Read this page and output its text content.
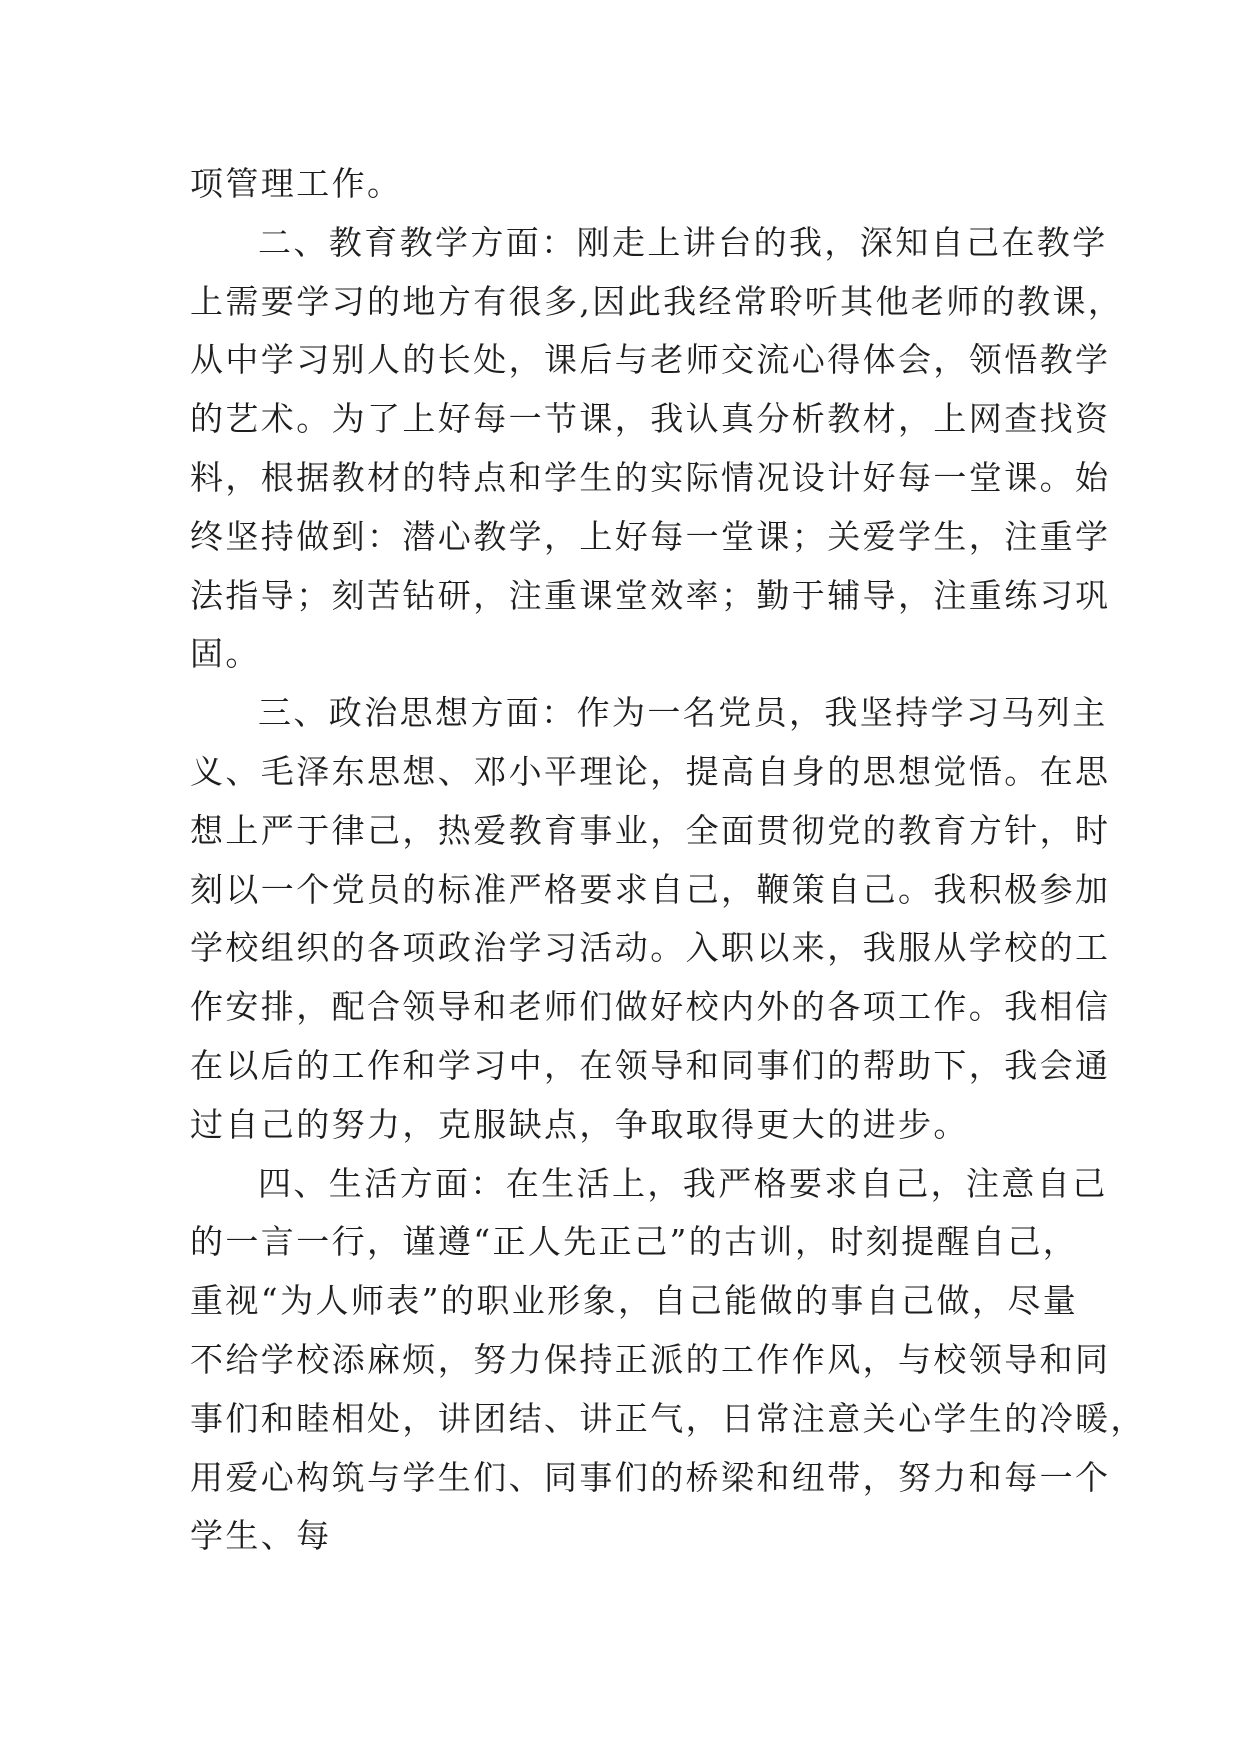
项管理工作。
二、教育教学方面：刚走上讲台的我，深知自己在教学
上需要学习的地方有很多,因此我经常聆听其他老师的教课，
从中学习别人的长处，课后与老师交流心得体会，领悟教学
的艺术。为了上好每一节课，我认真分析教材，上网查找资
料，根据教材的特点和学生的实际情况设计好每一堂课。始
终坚持做到：潜心教学，上好每一堂课；关爱学生，注重学
法指导；刻苦钻研，注重课堂效率；勤于辅导，注重练习巩
固。
三、政治思想方面：作为一名党员，我坚持学习马列主
义、毛泽东思想、邓小平理论，提高自身的思想觉悟。在思
想上严于律己，热爱教育事业，全面贯彻党的教育方针，时
刻以一个党员的标准严格要求自己，鞭策自己。我积极参加
学校组织的各项政治学习活动。入职以来，我服从学校的工
作安排，配合领导和老师们做好校内外的各项工作。我相信
在以后的工作和学习中，在领导和同事们的帮助下，我会通
过自己的努力，克服缺点，争取取得更大的进步。
四、生活方面：在生活上，我严格要求自己，注意自己
的一言一行，谨遵“正人先正己”的古训，时刻提醒自己，
重视“为人师表”的职业形象，自己能做的事自己做，尽量
不给学校添麻烦，努力保持正派的工作作风，与校领导和同
事们和睦相处，讲团结、讲正气，日常注意关心学生的冷暖，
用爱心构筑与学生们、同事们的桥梁和纽带，努力和每一个
学生、每
